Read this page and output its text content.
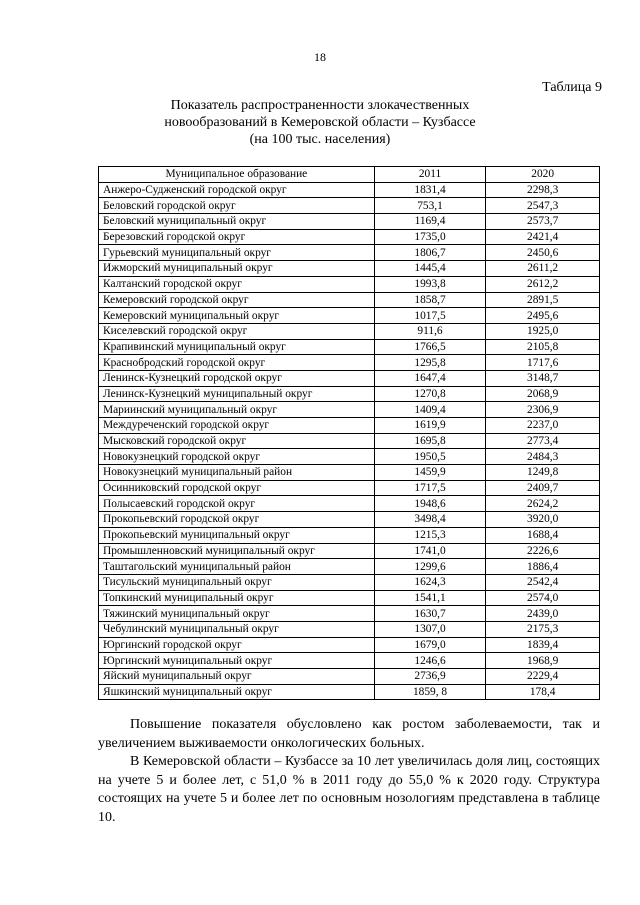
18
Таблица 9
Показатель распространенности злокачественных
новообразований в Кемеровской области – Кузбассе
(на 100 тыс. населения)
Муниципальное образование	2011	2020
Анжеро-Судженский городской округ	1831,4	2298,3
Беловский городской округ	753,1	2547,3
Беловский муниципальный округ	1169,4	2573,7
Березовский городской округ	1735,0	2421,4
Гурьевский муниципальный округ	1806,7	2450,6
Ижморский муниципальный округ	1445,4	2611,2
Калтанский городской округ	1993,8	2612,2
Кемеровский городской округ	1858,7	2891,5
Кемеровский муниципальный округ	1017,5	2495,6
Киселевский городской округ	911,6	1925,0
Крапивинский муниципальный округ	1766,5	2105,8
Краснобродский городской округ	1295,8	1717,6
Ленинск-Кузнецкий городской округ	1647,4	3148,7
Ленинск-Кузнецкий муниципальный округ	1270,8	2068,9
Мариинский муниципальный округ	1409,4	2306,9
Междуреченский городской округ	1619,9	2237,0
Мысковский городской округ	1695,8	2773,4
Новокузнецкий городской округ	1950,5	2484,3
Новокузнецкий муниципальный район	1459,9	1249,8
Осинниковский городской округ	1717,5	2409,7
Полысаевский городской округ	1948,6	2624,2
Прокопьевский городской округ	3498,4	3920,0
Прокопьевский муниципальный округ	1215,3	1688,4
Промышленновский муниципальный округ	1741,0	2226,6
Таштагольский муниципальный район	1299,6	1886,4
Тисульский муниципальный округ	1624,3	2542,4
Топкинский муниципальный округ	1541,1	2574,0
Тяжинский муниципальный округ	1630,7	2439,0
Чебулинский муниципальный округ	1307,0	2175,3
Юргинский городской округ	1679,0	1839,4
Юргинский муниципальный округ	1246,6	1968,9
Яйский муниципальный округ	2736,9	2229,4
Яшкинский муниципальный округ	1859, 8	178,4

Повышение показателя обусловлено как ростом заболеваемости, так и увеличением выживаемости онкологических больных.

В Кемеровской области – Кузбассе за 10 лет увеличилась доля лиц, состоящих на учете 5 и более лет, с 51,0 % в 2011 году до 55,0 % к 2020 году. Структура состоящих на учете 5 и более лет по основным нозологиям представлена в таблице 10.
